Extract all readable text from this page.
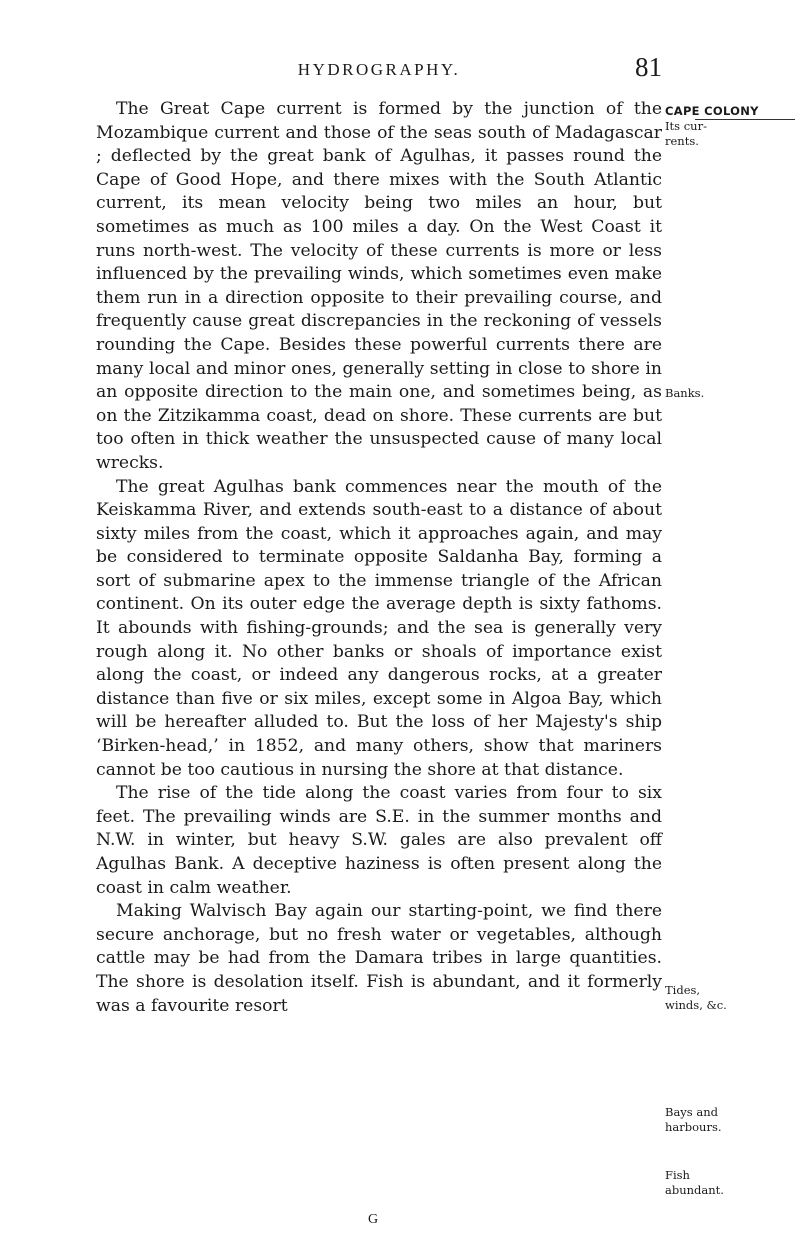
HYDROGRAPHY.	81

The Great Cape current is formed by the junction of the Mozambique current and those of the seas south of Madagascar ; deflected by the great bank of Agulhas, it passes round the Cape of Good Hope, and there mixes with the South Atlantic current, its mean velocity being two miles an hour, but sometimes as much as 100 miles a day. On the West Coast it runs north-west. The velocity of these currents is more or less influenced by the prevailing winds, which sometimes even make them run in a direction opposite to their prevailing course, and frequently cause great discrepancies in the reckoning of vessels rounding the Cape. Besides these powerful currents there are many local and minor ones, generally setting in close to shore in an opposite direction to the main one, and sometimes being, as on the Zitzikamma coast, dead on shore. These currents are but too often in thick weather the unsuspected cause of many local wrecks.

The great Agulhas bank commences near the mouth of the Keiskamma River, and extends south-east to a distance of about sixty miles from the coast, which it approaches again, and may be considered to terminate opposite Saldanha Bay, forming a sort of submarine apex to the immense triangle of the African continent. On its outer edge the average depth is sixty fathoms. It abounds with fishing-grounds; and the sea is generally very rough along it. No other banks or shoals of importance exist along the coast, or indeed any dangerous rocks, at a greater distance than five or six miles, except some in Algoa Bay, which will be hereafter alluded to. But the loss of her Majesty's ship ‘Birken-head,’ in 1852, and many others, show that mariners cannot be too cautious in nursing the shore at that distance.

The rise of the tide along the coast varies from four to six feet. The prevailing winds are S.E. in the summer months and N.W. in winter, but heavy S.W. gales are also prevalent off Agulhas Bank. A deceptive haziness is often present along the coast in calm weather.

Making Walvisch Bay again our starting-point, we find there secure anchorage, but no fresh water or vegetables, although cattle may be had from the Damara tribes in large quantities. The shore is desolation itself. Fish is abundant, and it formerly was a favourite resort

CAPE COLONY
Its cur-
rents.
Banks.
Tides,
winds, &c.
Bays and
harbours.
Fish
abundant.
G
